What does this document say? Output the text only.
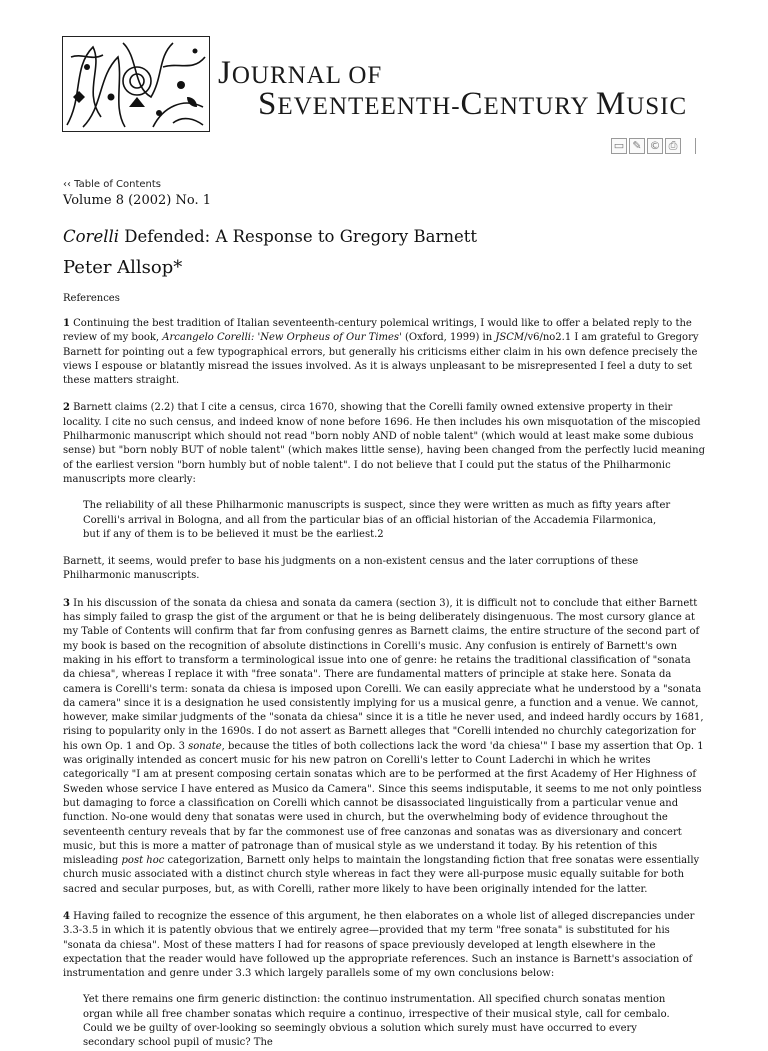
JOURNAL OF
SEVENTEENTH-CENTURY MUSIC
▭ ✎ © ⎙
‹‹ Table of Contents
Volume 8 (2002) No. 1
Corelli Defended: A Response to Gregory Barnett
Peter Allsop*
References

1 Continuing the best tradition of Italian seventeenth-century polemical writings, I would like to offer a belated reply to the review of my book, Arcangelo Corelli: 'New Orpheus of Our Times' (Oxford, 1999) in JSCM/v6/no2.1 I am grateful to Gregory Barnett for pointing out a few typographical errors, but generally his criticisms either claim in his own defence precisely the views I espouse or blatantly misread the issues involved. As it is always unpleasant to be misrepresented I feel a duty to set these matters straight.

2 Barnett claims (2.2) that I cite a census, circa 1670, showing that the Corelli family owned extensive property in their locality. I cite no such census, and indeed know of none before 1696. He then includes his own misquotation of the miscopied Philharmonic manuscript which should not read "born nobly AND of noble talent" (which would at least make some dubious sense) but "born nobly BUT of noble talent" (which makes little sense), having been changed from the perfectly lucid meaning of the earliest version "born humbly but of noble talent". I do not believe that I could put the status of the Philharmonic manuscripts more clearly:

The reliability of all these Philharmonic manuscripts is suspect, since they were written as much as fifty years after Corelli's arrival in Bologna, and all from the particular bias of an official historian of the Accademia Filarmonica, but if any of them is to be believed it must be the earliest.2

Barnett, it seems, would prefer to base his judgments on a non-existent census and the later corruptions of these Philharmonic manuscripts.

3 In his discussion of the sonata da chiesa and sonata da camera (section 3), it is difficult not to conclude that either Barnett has simply failed to grasp the gist of the argument or that he is being deliberately disingenuous. The most cursory glance at my Table of Contents will confirm that far from confusing genres as Barnett claims, the entire structure of the second part of my book is based on the recognition of absolute distinctions in Corelli's music. Any confusion is entirely of Barnett's own making in his effort to transform a terminological issue into one of genre: he retains the traditional classification of "sonata da chiesa", whereas I replace it with "free sonata". There are fundamental matters of principle at stake here. Sonata da camera is Corelli's term: sonata da chiesa is imposed upon Corelli. We can easily appreciate what he understood by a "sonata da camera" since it is a designation he used consistently implying for us a musical genre, a function and a venue. We cannot, however, make similar judgments of the "sonata da chiesa" since it is a title he never used, and indeed hardly occurs by 1681, rising to popularity only in the 1690s. I do not assert as Barnett alleges that "Corelli intended no churchly categorization for his own Op. 1 and Op. 3 sonate, because the titles of both collections lack the word 'da chiesa'" I base my assertion that Op. 1 was originally intended as concert music for his new patron on Corelli's letter to Count Laderchi in which he writes categorically "I am at present composing certain sonatas which are to be performed at the first Academy of Her Highness of Sweden whose service I have entered as Musico da Camera". Since this seems indisputable, it seems to me not only pointless but damaging to force a classification on Corelli which cannot be disassociated linguistically from a particular venue and function. No-one would deny that sonatas were used in church, but the overwhelming body of evidence throughout the seventeenth century reveals that by far the commonest use of free canzonas and sonatas was as diversionary and concert music, but this is more a matter of patronage than of musical style as we understand it today. By his retention of this misleading post hoc categorization, Barnett only helps to maintain the longstanding fiction that free sonatas were essentially church music associated with a distinct church style whereas in fact they were all-purpose music equally suitable for both sacred and secular purposes, but, as with Corelli, rather more likely to have been originally intended for the latter.

4 Having failed to recognize the essence of this argument, he then elaborates on a whole list of alleged discrepancies under 3.3-3.5 in which it is patently obvious that we entirely agree—provided that my term "free sonata" is substituted for his "sonata da chiesa". Most of these matters I had for reasons of space previously developed at length elsewhere in the expectation that the reader would have followed up the appropriate references. Such an instance is Barnett's association of instrumentation and genre under 3.3 which largely parallels some of my own conclusions below:

Yet there remains one firm generic distinction: the continuo instrumentation. All specified church sonatas mention organ while all free chamber sonatas which require a continuo, irrespective of their musical style, call for cembalo. Could we be guilty of over-looking so seemingly obvious a solution which surely must have occurred to every secondary school pupil of music? The
